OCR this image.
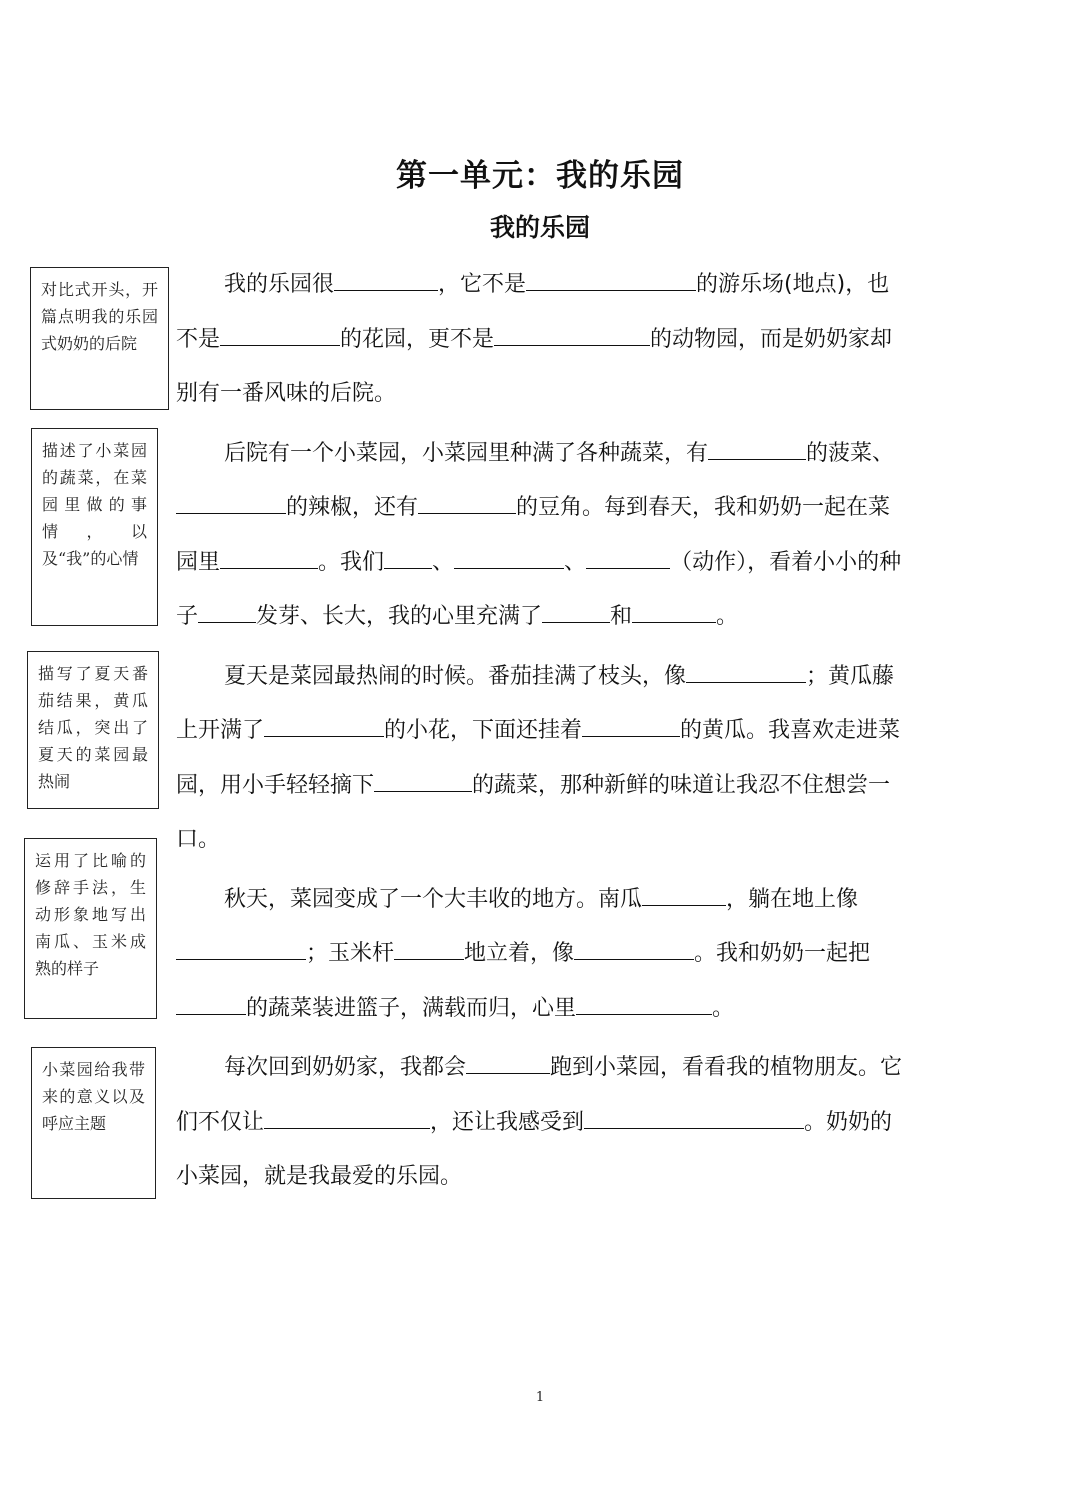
第一单元：我的乐园
我的乐园
对比式开头，开篇点明我的乐园式奶奶的后院
描述了小菜园的蔬菜，在菜园里做的事情，以及“我”的心情
描写了夏天番茄结果，黄瓜结瓜，突出了夏天的菜园最热闹
运用了比喻的修辞手法，生动形象地写出南瓜、玉米成熟的样子
小菜园给我带来的意义以及呼应主题

我的乐园很	，它不是	的游乐场(地点)，也不是	的花园，更不是	的动物园，而是奶奶家却别有一番风味的后院。

后院有一个小菜园，小菜园里种满了各种蔬菜，有	的菠菜、的辣椒，还有	的豆角。每到春天，我和奶奶一起在菜园里	。我们 、	、	（动作），看着小小的种子	发芽、长大，我的心里充满了	和	。

夏天是菜园最热闹的时候。番茄挂满了枝头，像	；黄瓜藤上开满了	的小花，下面还挂着	的黄瓜。我喜欢走进菜园，用小手轻轻摘下	的蔬菜，那种新鲜的味道让我忍不住想尝一口。

秋天，菜园变成了一个大丰收的地方。南瓜	，躺在地上像；玉米杆	地立着，像	。我和奶奶一起把的蔬菜装进篮子，满载而归，心里	。

每次回到奶奶家，我都会	跑到小菜园，看看我的植物朋友。它们不仅让	，还让我感受到	。奶奶的小菜园，就是我最爱的乐园。

1
